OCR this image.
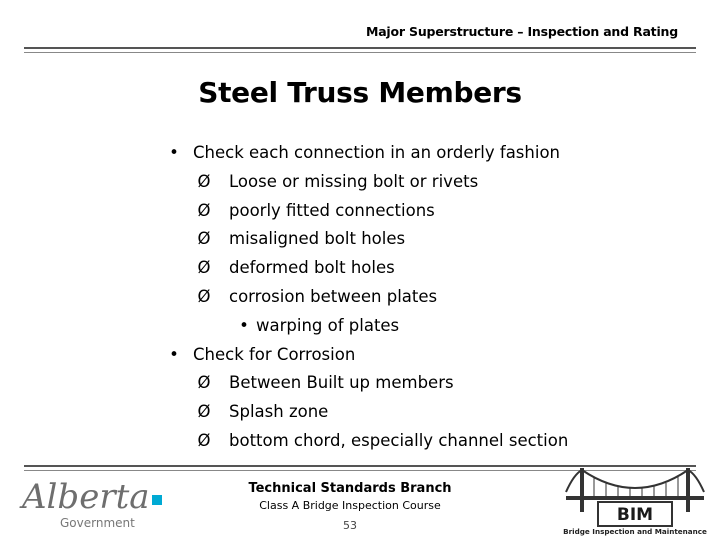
Major Superstructure – Inspection and Rating
Steel Truss Members
• Check each connection in an orderly fashion
Ø Loose or missing bolt or rivets
Ø poorly fitted connections
Ø misaligned bolt holes
Ø deformed bolt holes
Ø corrosion between plates
• warping of plates
• Check for Corrosion
Ø Between Built up members
Ø Splash zone
Ø bottom chord, especially channel section
Alberta
Government
Technical Standards Branch
Class A Bridge Inspection Course
53
BIM
Bridge Inspection and Maintenance
